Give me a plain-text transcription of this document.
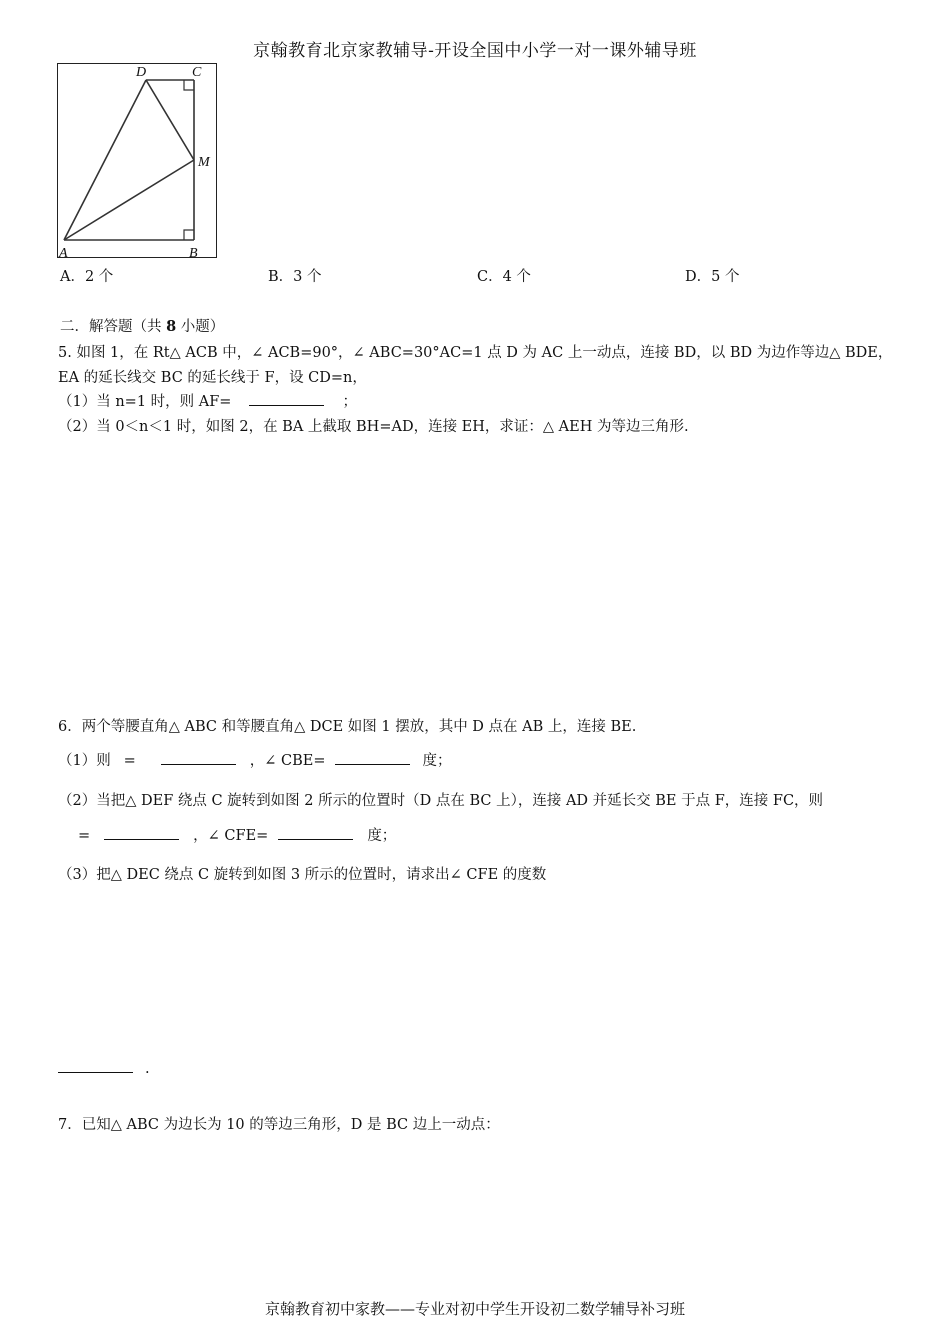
京翰教育北京家教辅导-开设全国中小学一对一课外辅导班
D	C
M
A	B
A．2 个	B．3 个	C．4 个	D．5 个
二．解答题（共 8 小题）
5. 如图 1，在 Rt△ ACB 中，∠ ACB=90°，∠ ABC=30°AC=1 点 D 为 AC 上一动点，连接 BD，以 BD 为边作等边△ BDE，
EA 的延长线交 BC 的延长线于 F，设 CD=n，
（1）当 n=1 时，则 AF=	；
（2）当 0＜n＜1 时，如图 2，在 BA 上截取 BH=AD，连接 EH，求证：△ AEH 为等边三角形.
6．两个等腰直角△ ABC 和等腰直角△ DCE 如图 1 摆放，其中 D 点在 AB 上，连接 BE.
（1）则 =	，∠ CBE=	度；
（2）当把△ DEF 绕点 C 旋转到如图 2 所示的位置时（D 点在 BC 上），连接 AD 并延长交 BE 于点 F，连接 FC，则
=	，∠ CFE=	度；
（3）把△ DEC 绕点 C 旋转到如图 3 所示的位置时，请求出∠ CFE 的度数
.
7．已知△ ABC 为边长为 10 的等边三角形，D 是 BC 边上一动点：
京翰教育初中家教——专业对初中学生开设初二数学辅导补习班
